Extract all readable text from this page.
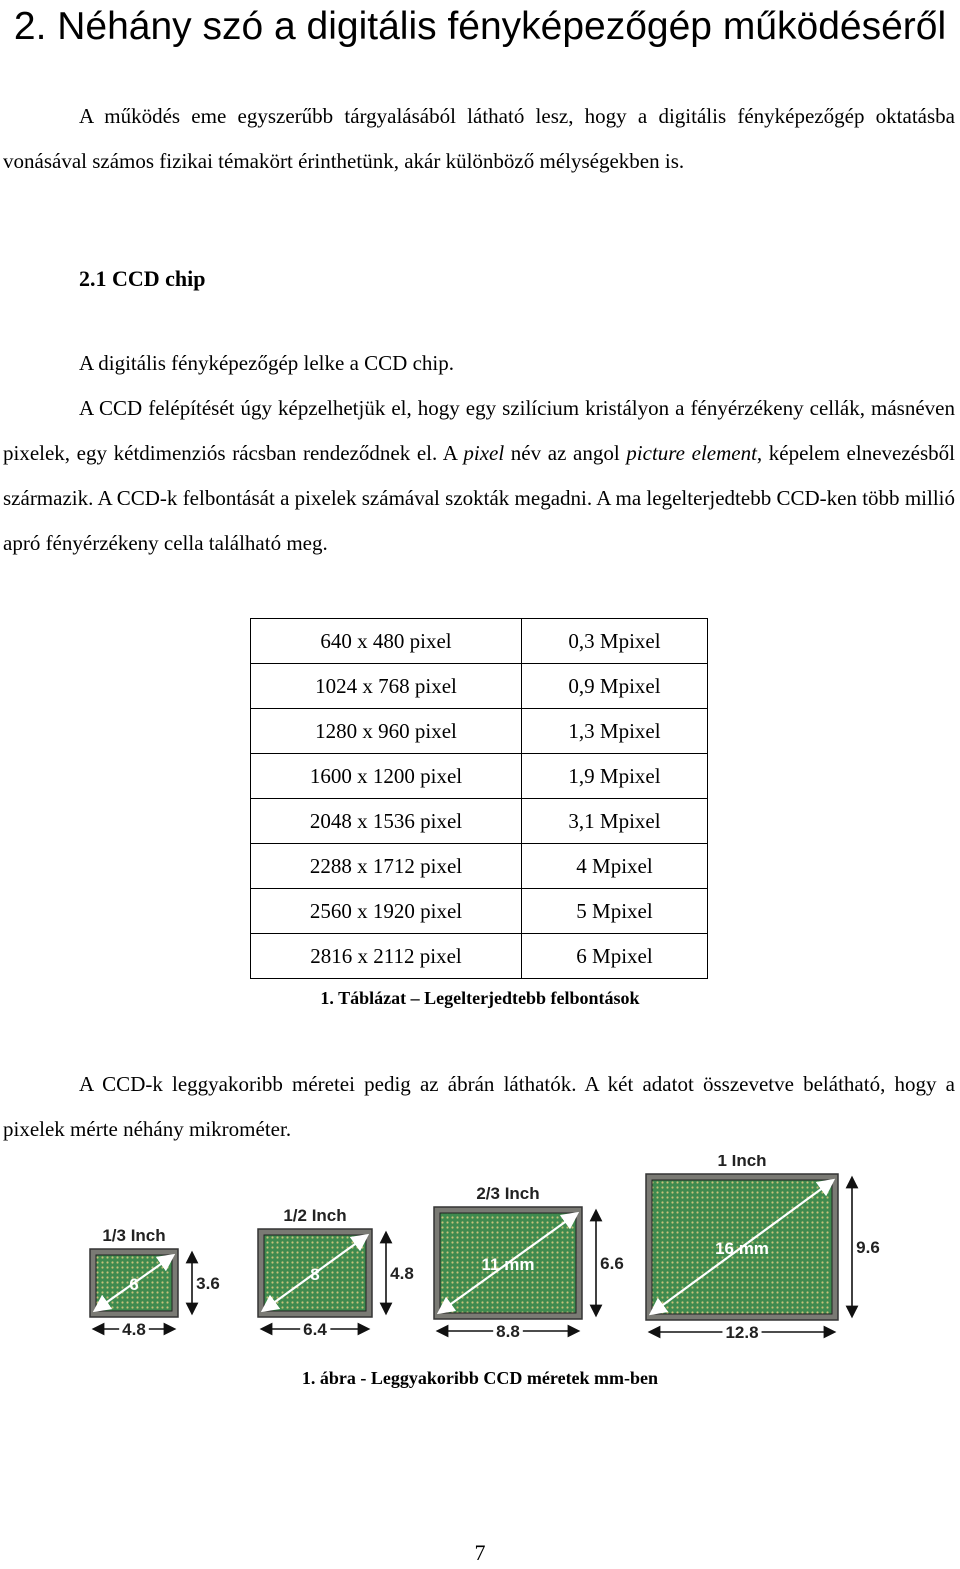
2. Néhány szó a digitális fényképezőgép működéséről

A működés eme egyszerűbb tárgyalásából látható lesz, hogy a digitális fényképezőgép oktatásba vonásával számos fizikai témakört érinthetünk, akár különböző mélységekben is.

2.1 CCD chip

A digitális fényképezőgép lelke a CCD chip.

A CCD felépítését úgy képzelhetjük el, hogy egy szilícium kristályon a fényérzékeny cellák, másnéven pixelek, egy kétdimenziós rácsban rendeződnek el. A pixel név az angol picture element, képelem elnevezésből származik. A CCD-k felbontását a pixelek számával szokták megadni. A ma legelterjedtebb CCD-ken több millió apró fényérzékeny cella található meg.

640 x 480 pixel	0,3 Mpixel
1024 x 768 pixel	0,9 Mpixel
1280 x 960 pixel	1,3 Mpixel
1600 x 1200 pixel	1,9 Mpixel
2048 x 1536 pixel	3,1 Mpixel
2288 x 1712 pixel	4 Mpixel
2560 x 1920 pixel	5 Mpixel
2816 x 2112 pixel	6 Mpixel
1. Táblázat – Legelterjedtebb felbontások

A CCD-k leggyakoribb méretei pedig az ábrán láthatók. A két adatot összevetve belátható, hogy a pixelek mérte néhány mikrométer.

6
1/3 Inch
3.6
4.8
8
1/2 Inch
4.8
6.4
11 mm
2/3 Inch
6.6
8.8
16 mm
1 Inch
9.6
12.8
1. ábra - Leggyakoribb CCD méretek mm-ben
7
